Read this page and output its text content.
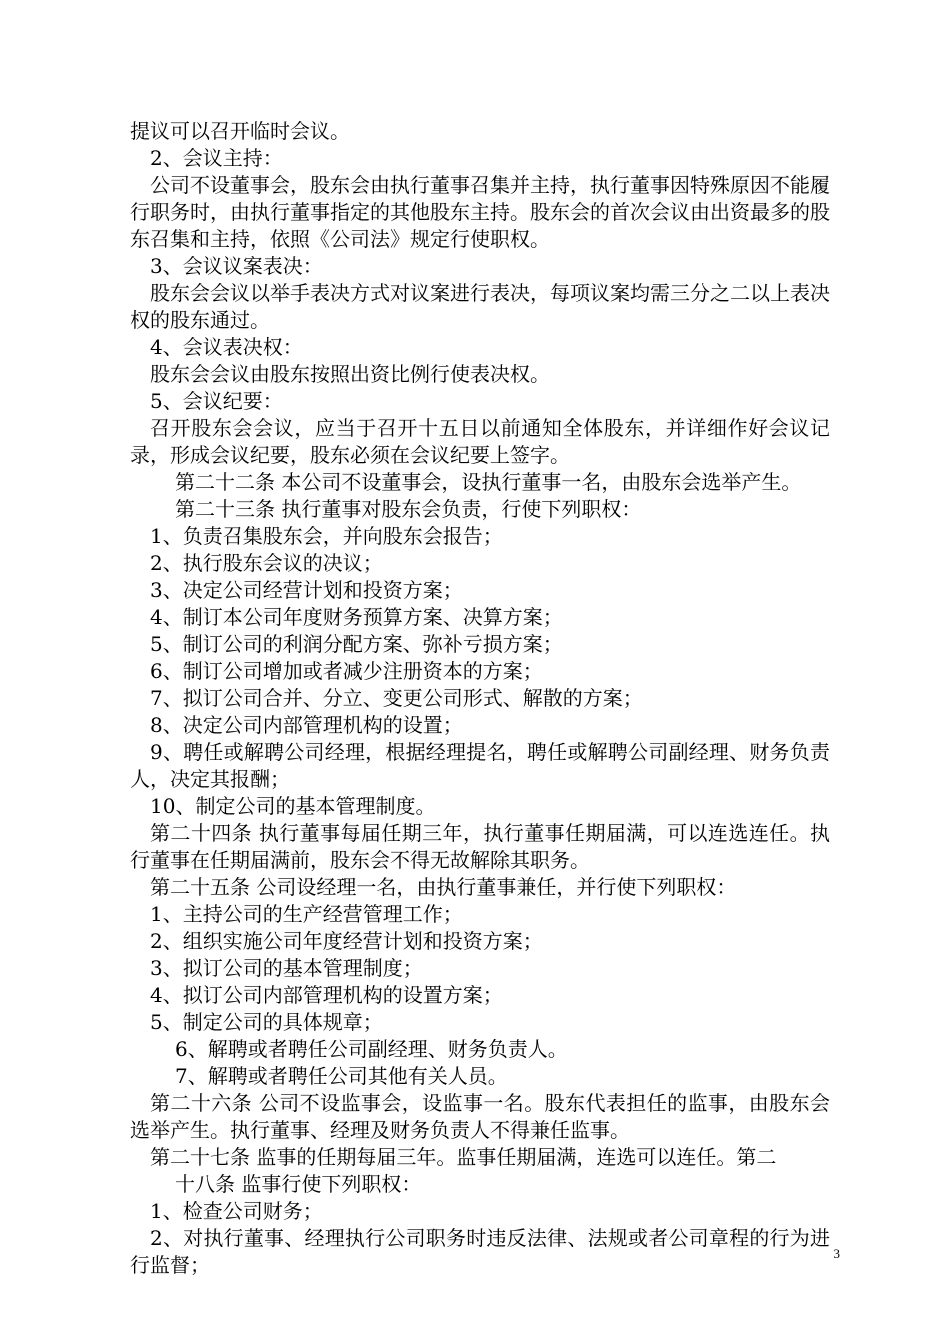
提议可以召开临时会议。

2、会议主持：

公司不设董事会，股东会由执行董事召集并主持，执行董事因特殊原因不能履行职务时，由执行董事指定的其他股东主持。股东会的首次会议由出资最多的股东召集和主持，依照《公司法》规定行使职权。

3、会议议案表决：

股东会会议以举手表决方式对议案进行表决，每项议案均需三分之二以上表决权的股东通过。

4、会议表决权：

股东会会议由股东按照出资比例行使表决权。

5、会议纪要：

召开股东会会议，应当于召开十五日以前通知全体股东，并详细作好会议记录，形成会议纪要，股东必须在会议纪要上签字。

第二十二条 本公司不设董事会，设执行董事一名，由股东会选举产生。

第二十三条 执行董事对股东会负责，行使下列职权：

1、负责召集股东会，并向股东会报告；

2、执行股东会议的决议；

3、决定公司经营计划和投资方案；

4、制订本公司年度财务预算方案、决算方案；

5、制订公司的利润分配方案、弥补亏损方案；

6、制订公司增加或者减少注册资本的方案；

7、拟订公司合并、分立、变更公司形式、解散的方案；

8、决定公司内部管理机构的设置；

9、聘任或解聘公司经理，根据经理提名，聘任或解聘公司副经理、财务负责人，决定其报酬；

10、制定公司的基本管理制度。

第二十四条 执行董事每届任期三年，执行董事任期届满，可以连选连任。执行董事在任期届满前，股东会不得无故解除其职务。

第二十五条 公司设经理一名，由执行董事兼任，并行使下列职权：

1、主持公司的生产经营管理工作；

2、组织实施公司年度经营计划和投资方案；

3、拟订公司的基本管理制度；

4、拟订公司内部管理机构的设置方案；

5、制定公司的具体规章；

6、解聘或者聘任公司副经理、财务负责人。

7、解聘或者聘任公司其他有关人员。

第二十六条 公司不设监事会，设监事一名。股东代表担任的监事，由股东会选举产生。执行董事、经理及财务负责人不得兼任监事。

第二十七条 监事的任期每届三年。监事任期届满，连选可以连任。第二

十八条 监事行使下列职权：

1、检查公司财务；

2、对执行董事、经理执行公司职务时违反法律、法规或者公司章程的行为进行监督；	3
